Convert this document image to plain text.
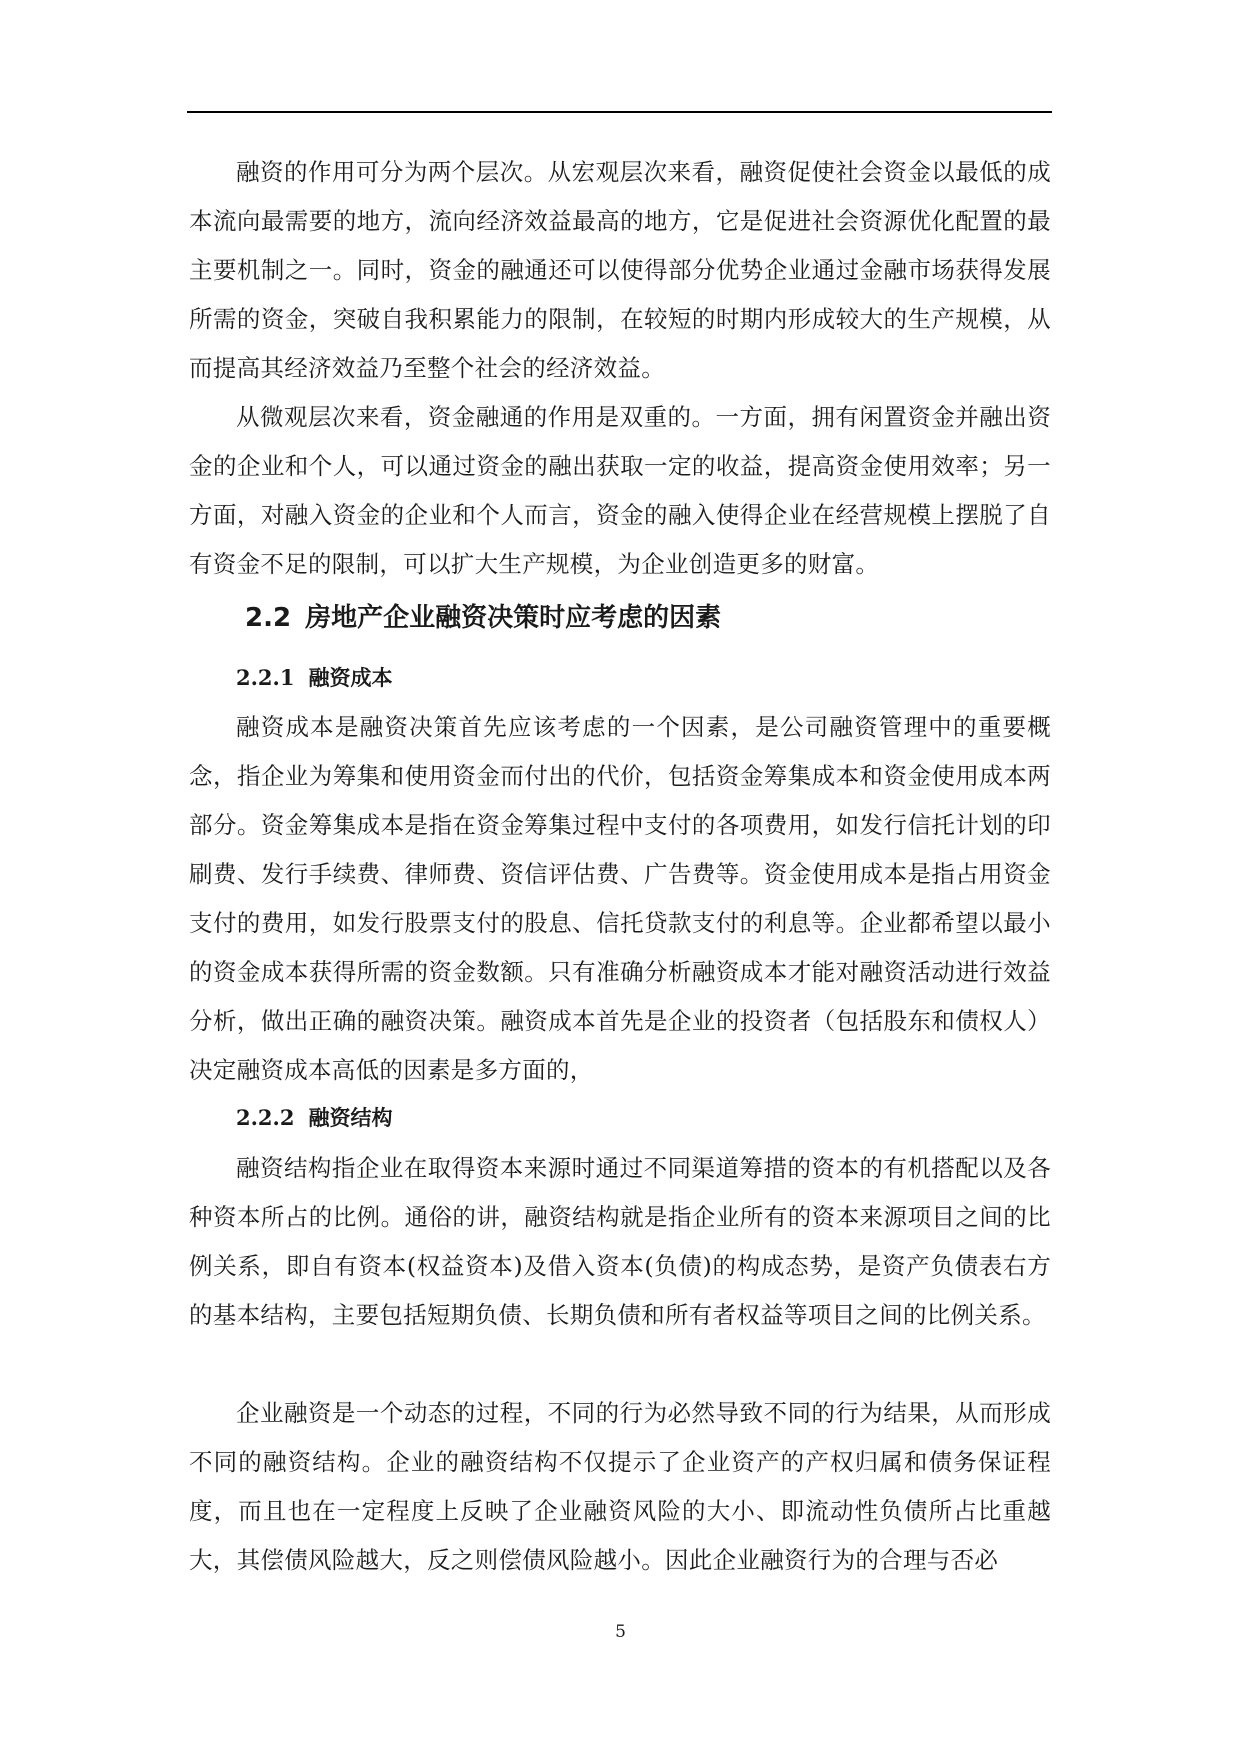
融资的作用可分为两个层次。从宏观层次来看，融资促使社会资金以最低的成本流向最需要的地方，流向经济效益最高的地方，它是促进社会资源优化配置的最主要机制之一。同时，资金的融通还可以使得部分优势企业通过金融市场获得发展所需的资金，突破自我积累能力的限制，在较短的时期内形成较大的生产规模，从而提高其经济效益乃至整个社会的经济效益。

从微观层次来看，资金融通的作用是双重的。一方面，拥有闲置资金并融出资金的企业和个人，可以通过资金的融出获取一定的收益，提高资金使用效率；另一方面，对融入资金的企业和个人而言，资金的融入使得企业在经营规模上摆脱了自有资金不足的限制，可以扩大生产规模，为企业创造更多的财富。

2.2 房地产企业融资决策时应考虑的因素
2.2.1 融资成本

融资成本是融资决策首先应该考虑的一个因素，是公司融资管理中的重要概念，指企业为筹集和使用资金而付出的代价，包括资金筹集成本和资金使用成本两部分。资金筹集成本是指在资金筹集过程中支付的各项费用，如发行信托计划的印刷费、发行手续费、律师费、资信评估费、广告费等。资金使用成本是指占用资金支付的费用，如发行股票支付的股息、信托贷款支付的利息等。企业都希望以最小的资金成本获得所需的资金数额。只有准确分析融资成本才能对融资活动进行效益分析，做出正确的融资决策。融资成本首先是企业的投资者（包括股东和债权人）决定融资成本高低的因素是多方面的，

2.2.2 融资结构

融资结构指企业在取得资本来源时通过不同渠道筹措的资本的有机搭配以及各种资本所占的比例。通俗的讲，融资结构就是指企业所有的资本来源项目之间的比例关系，即自有资本(权益资本)及借入资本(负债)的构成态势，是资产负债表右方的基本结构，主要包括短期负债、长期负债和所有者权益等项目之间的比例关系。

企业融资是一个动态的过程，不同的行为必然导致不同的行为结果，从而形成不同的融资结构。企业的融资结构不仅提示了企业资产的产权归属和债务保证程度，而且也在一定程度上反映了企业融资风险的大小、即流动性负债所占比重越大，其偿债风险越大，反之则偿债风险越小。因此企业融资行为的合理与否必

5
